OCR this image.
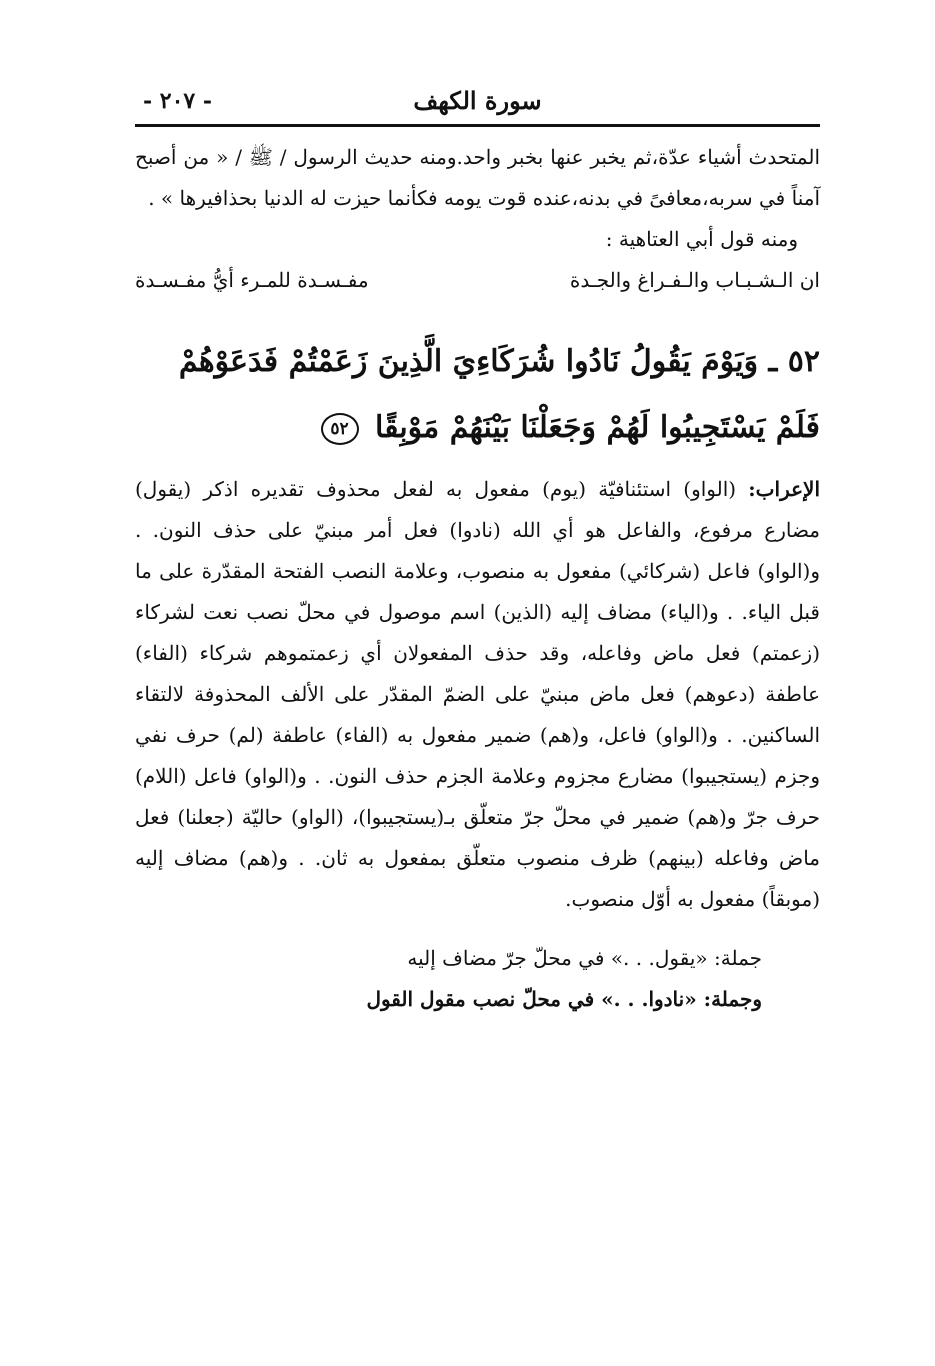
سورة الكهف
- ٢٠٧ -

المتحدث أشياء عدّة،ثم يخبر عنها بخبر واحد.ومنه حديث الرسول / ﷺ / « من أصبح آمناً في سربه،معافىً في بدنه،عنده قوت يومه فكأنما حيزت له الدنيا بحذافيرها » .

ومنه قول أبي العتاهية :

ان الـشـبـاب والـفـراغ والجـدة
مفـسـدة للمـرء أيُّ مفـسـدة
٥٢ ـ وَيَوْمَ يَقُولُ نَادُوا شُرَكَاءِيَ الَّذِينَ زَعَمْتُمْ فَدَعَوْهُمْ فَلَمْ يَسْتَجِيبُوا لَهُمْ وَجَعَلْنَا بَيْنَهُمْ مَوْبِقًا ٥٢

الإعراب: (الواو) استئنافيّة (يوم) مفعول به لفعل محذوف تقديره اذكر (يقول) مضارع مرفوع، والفاعل هو أي الله (نادوا) فعل أمر مبنيّ على حذف النون. . و(الواو) فاعل (شركائي) مفعول به منصوب، وعلامة النصب الفتحة المقدّرة على ما قبل الياء. . و(الياء) مضاف إليه (الذين) اسم موصول في محلّ نصب نعت لشركاء (زعمتم) فعل ماض وفاعله، وقد حذف المفعولان أي زعمتموهم شركاء (الفاء) عاطفة (دعوهم) فعل ماض مبنيّ على الضمّ المقدّر على الألف المحذوفة لالتقاء الساكنين. . و(الواو) فاعل، و(هم) ضمير مفعول به (الفاء) عاطفة (لم) حرف نفي وجزم (يستجيبوا) مضارع مجزوم وعلامة الجزم حذف النون. . و(الواو) فاعل (اللام) حرف جرّ و(هم) ضمير في محلّ جرّ متعلّق بـ(يستجيبوا)، (الواو) حاليّة (جعلنا) فعل ماض وفاعله (بينهم) ظرف منصوب متعلّق بمفعول به ثان. . و(هم) مضاف إليه (موبقاً) مفعول به أوّل منصوب.

جملة: «يقول. . .» في محلّ جرّ مضاف إليه
وجملة: «نادوا. . .» في محلّ نصب مقول القول
